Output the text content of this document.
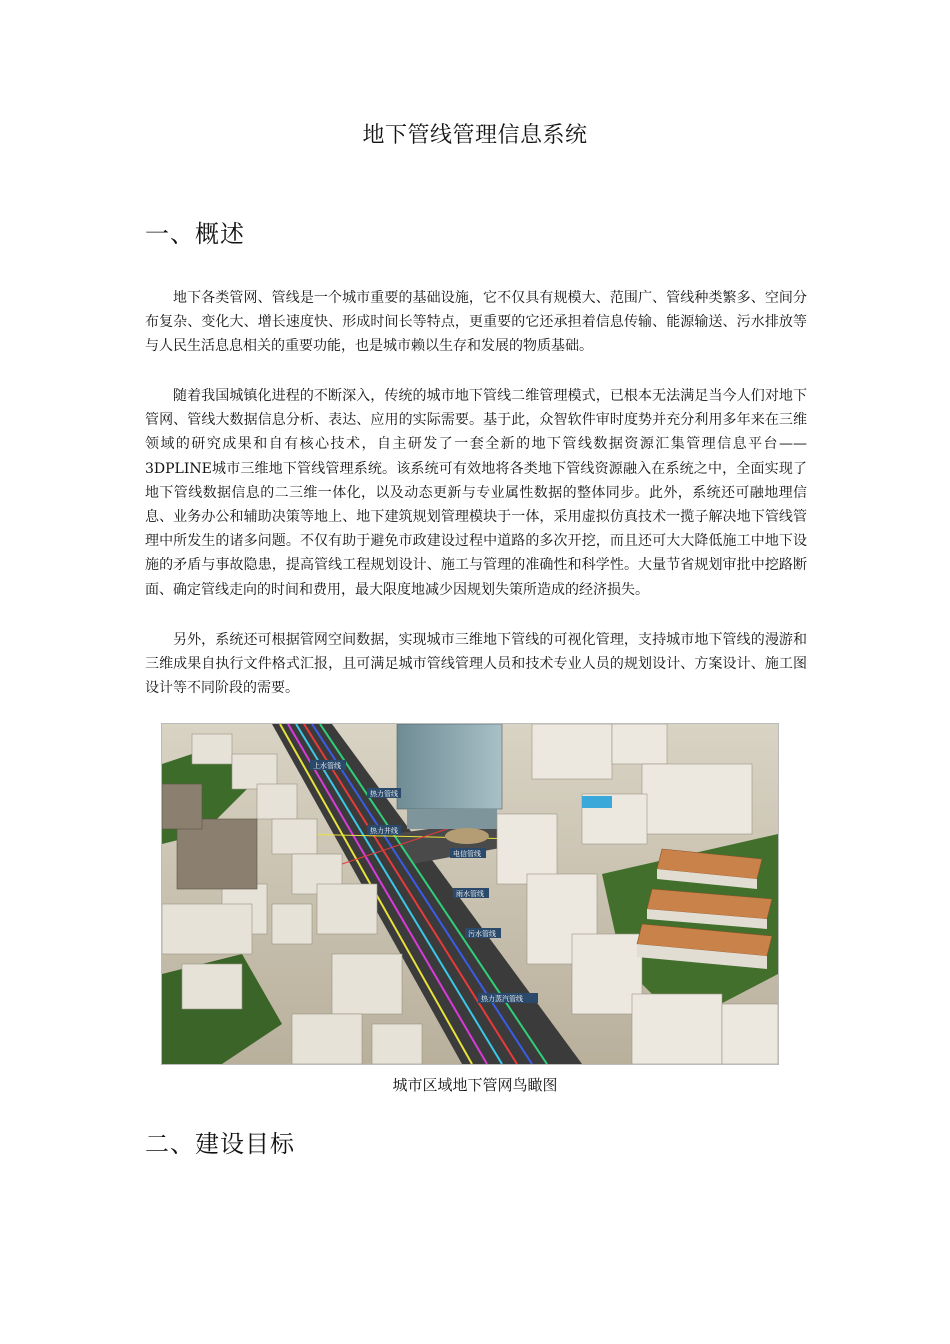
地下管线管理信息系统
一、概述

地下各类管网、管线是一个城市重要的基础设施，它不仅具有规模大、范围广、管线种类繁多、空间分布复杂、变化大、增长速度快、形成时间长等特点，更重要的它还承担着信息传输、能源输送、污水排放等与人民生活息息相关的重要功能，也是城市赖以生存和发展的物质基础。

随着我国城镇化进程的不断深入，传统的城市地下管线二维管理模式，已根本无法满足当今人们对地下管网、管线大数据信息分析、表达、应用的实际需要。基于此，众智软件审时度势并充分利用多年来在三维领域的研究成果和自有核心技术，自主研发了一套全新的地下管线数据资源汇集管理信息平台——3DPLINE城市三维地下管线管理系统。该系统可有效地将各类地下管线资源融入在系统之中，全面实现了地下管线数据信息的二三维一体化，以及动态更新与专业属性数据的整体同步。此外，系统还可融地理信息、业务办公和辅助决策等地上、地下建筑规划管理模块于一体，采用虚拟仿真技术一揽子解决地下管线管理中所发生的诸多问题。不仅有助于避免市政建设过程中道路的多次开挖，而且还可大大降低施工中地下设施的矛盾与事故隐患，提高管线工程规划设计、施工与管理的准确性和科学性。大量节省规划审批中挖路断面、确定管线走向的时间和费用，最大限度地减少因规划失策所造成的经济损失。

另外，系统还可根据管网空间数据，实现城市三维地下管线的可视化管理，支持城市地下管线的漫游和三维成果自执行文件格式汇报，且可满足城市管线管理人员和技术专业人员的规划设计、方案设计、施工图设计等不同阶段的需要。

上水管线
热力管线
热力井线
电信管线
雨水管线
污水管线
热力蒸汽管线
城市区域地下管网鸟瞰图
二、建设目标
